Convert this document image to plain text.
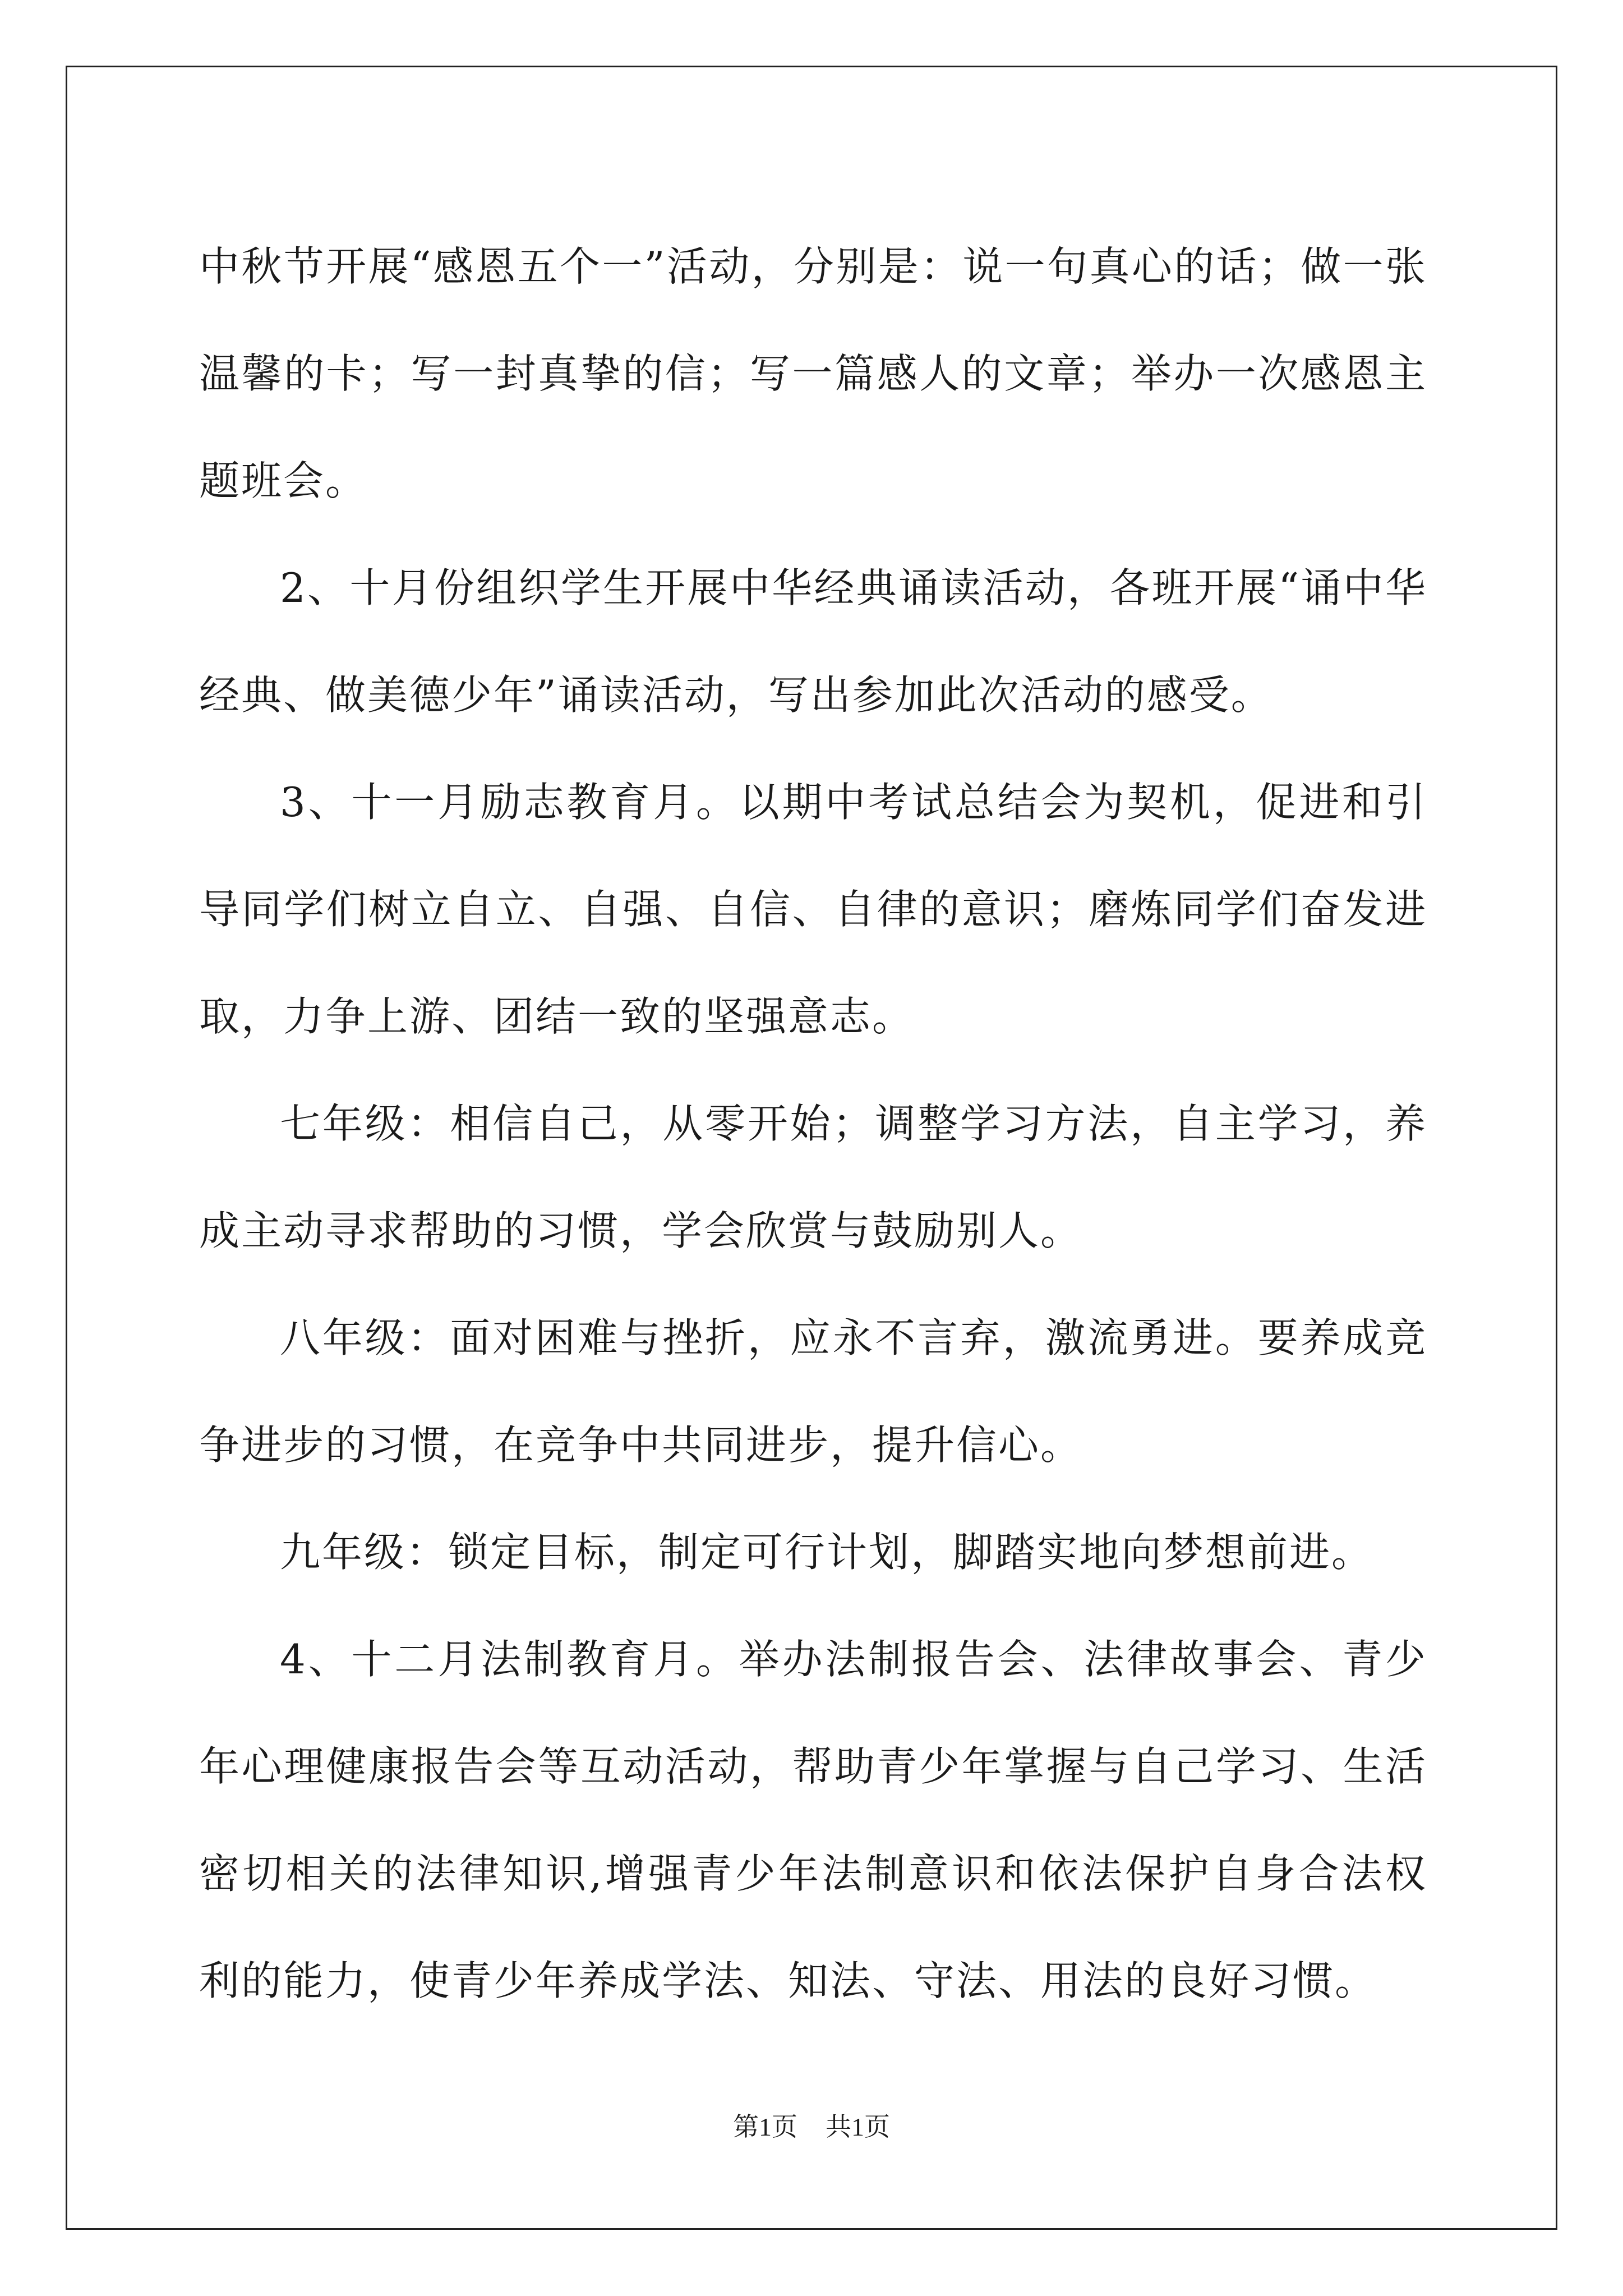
中秋节开展“感恩五个一”活动，分别是：说一句真心的话；做一张温馨的卡；写一封真挚的信；写一篇感人的文章；举办一次感恩主题班会。

2、十月份组织学生开展中华经典诵读活动，各班开展“诵中华经典、做美德少年”诵读活动，写出参加此次活动的感受。

3、十一月励志教育月。以期中考试总结会为契机，促进和引导同学们树立自立、自强、自信、自律的意识；磨炼同学们奋发进取，力争上游、团结一致的坚强意志。

七年级：相信自己，从零开始；调整学习方法，自主学习，养成主动寻求帮助的习惯，学会欣赏与鼓励别人。

八年级：面对困难与挫折，应永不言弃，激流勇进。要养成竞争进步的习惯，在竞争中共同进步，提升信心。

九年级：锁定目标，制定可行计划，脚踏实地向梦想前进。

4、十二月法制教育月。举办法制报告会、法律故事会、青少年心理健康报告会等互动活动，帮助青少年掌握与自己学习、生活密切相关的法律知识,增强青少年法制意识和依法保护自身合法权利的能力，使青少年养成学法、知法、守法、用法的良好习惯。

第1页 共1页
